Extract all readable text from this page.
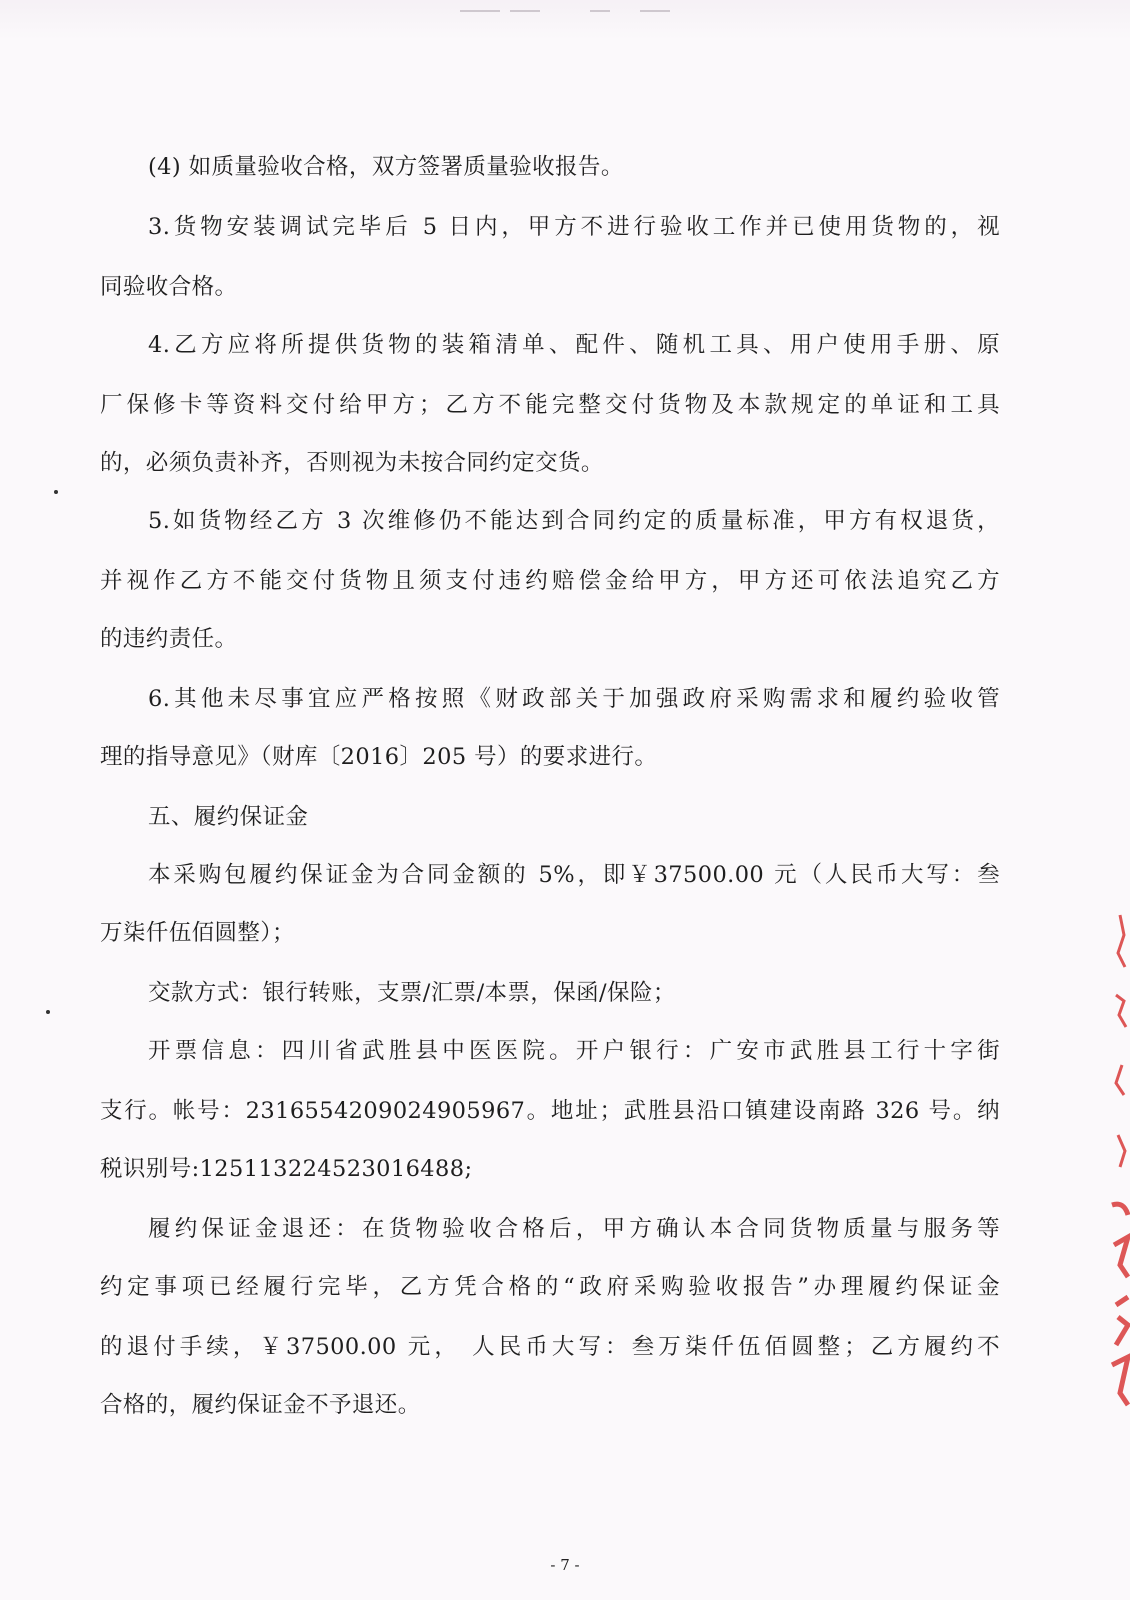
(4) 如质量验收合格，双方签署质量验收报告。
3.货物安装调试完毕后 5 日内，甲方不进行验收工作并已使用货物的，视
同验收合格。
4.乙方应将所提供货物的装箱清单、配件、随机工具、用户使用手册、原
厂保修卡等资料交付给甲方；乙方不能完整交付货物及本款规定的单证和工具
的，必须负责补齐，否则视为未按合同约定交货。
5.如货物经乙方 3 次维修仍不能达到合同约定的质量标准，甲方有权退货，
并视作乙方不能交付货物且须支付违约赔偿金给甲方，甲方还可依法追究乙方
的违约责任。
6.其他未尽事宜应严格按照《财政部关于加强政府采购需求和履约验收管
理的指导意见》（财库〔2016〕205 号）的要求进行。
五、履约保证金
本采购包履约保证金为合同金额的 5%，即￥37500.00 元（人民币大写：叁
万柒仟伍佰圆整）；
交款方式：银行转账，支票/汇票/本票，保函/保险；
开票信息：四川省武胜县中医医院。开户银行：广安市武胜县工行十字街
支行。帐号：2316554209024905967。地址；武胜县沿口镇建设南路 326 号。纳
税识别号:12511322452301​6488;
履约保证金退还：在货物验收合格后，甲方确认本合同货物质量与服务等
约定事项已经履行完毕，乙方凭合格的“政府采购验收报告”办理履约保证金
的退付手续，￥37500.00 元， 人民币大写：叁万柒仟伍佰圆整；乙方履约不
合格的，履约保证金不予退还。
- 7 -
